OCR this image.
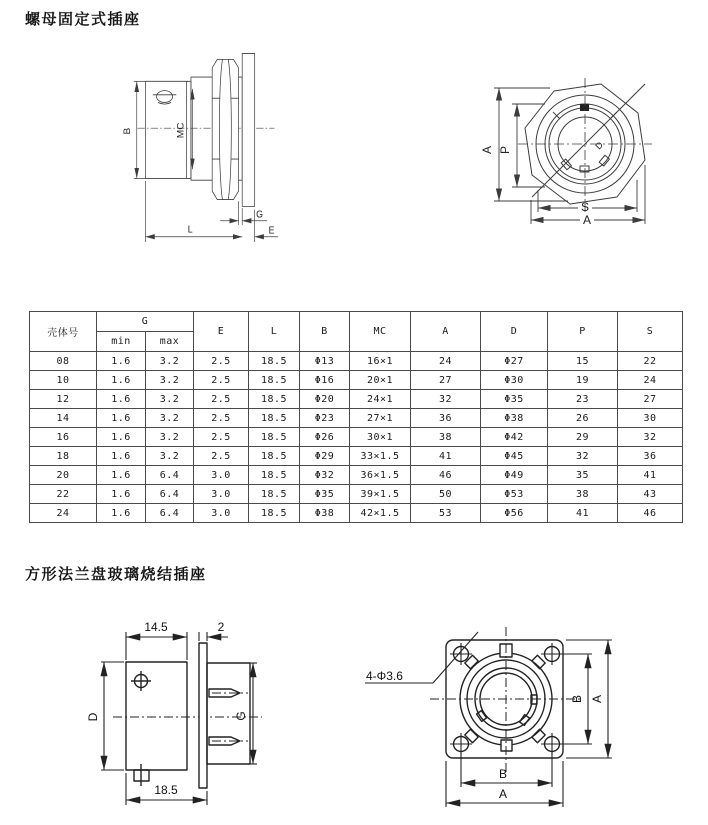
螺母固定式插座
B	MC
G
L	E
D
A P
S
A
壳体号	G		E	L	B	MC	A	D	P	S
	min	max								
08	1.6	3.2	2.5	18.5	Φ13	16×1	24	Φ27	15	22
10	1.6	3.2	2.5	18.5	Φ16	20×1	27	Φ30	19	24
12	1.6	3.2	2.5	18.5	Φ20	24×1	32	Φ35	23	27
14	1.6	3.2	2.5	18.5	Φ23	27×1	36	Φ38	26	30
16	1.6	3.2	2.5	18.5	Φ26	30×1	38	Φ42	29	32
18	1.6	3.2	2.5	18.5	Φ29	33×1.5	41	Φ45	32	36
20	1.6	6.4	3.0	18.5	Φ32	36×1.5	46	Φ49	35	41
22	1.6	6.4	3.0	18.5	Φ35	39×1.5	50	Φ53	38	43
24	1.6	6.4	3.0	18.5	Φ38	42×1.5	53	Φ56	41	46
方形法兰盘玻璃烧结插座
14.5	2
D	G
18.5
4-Φ3.6
B A
B
A
